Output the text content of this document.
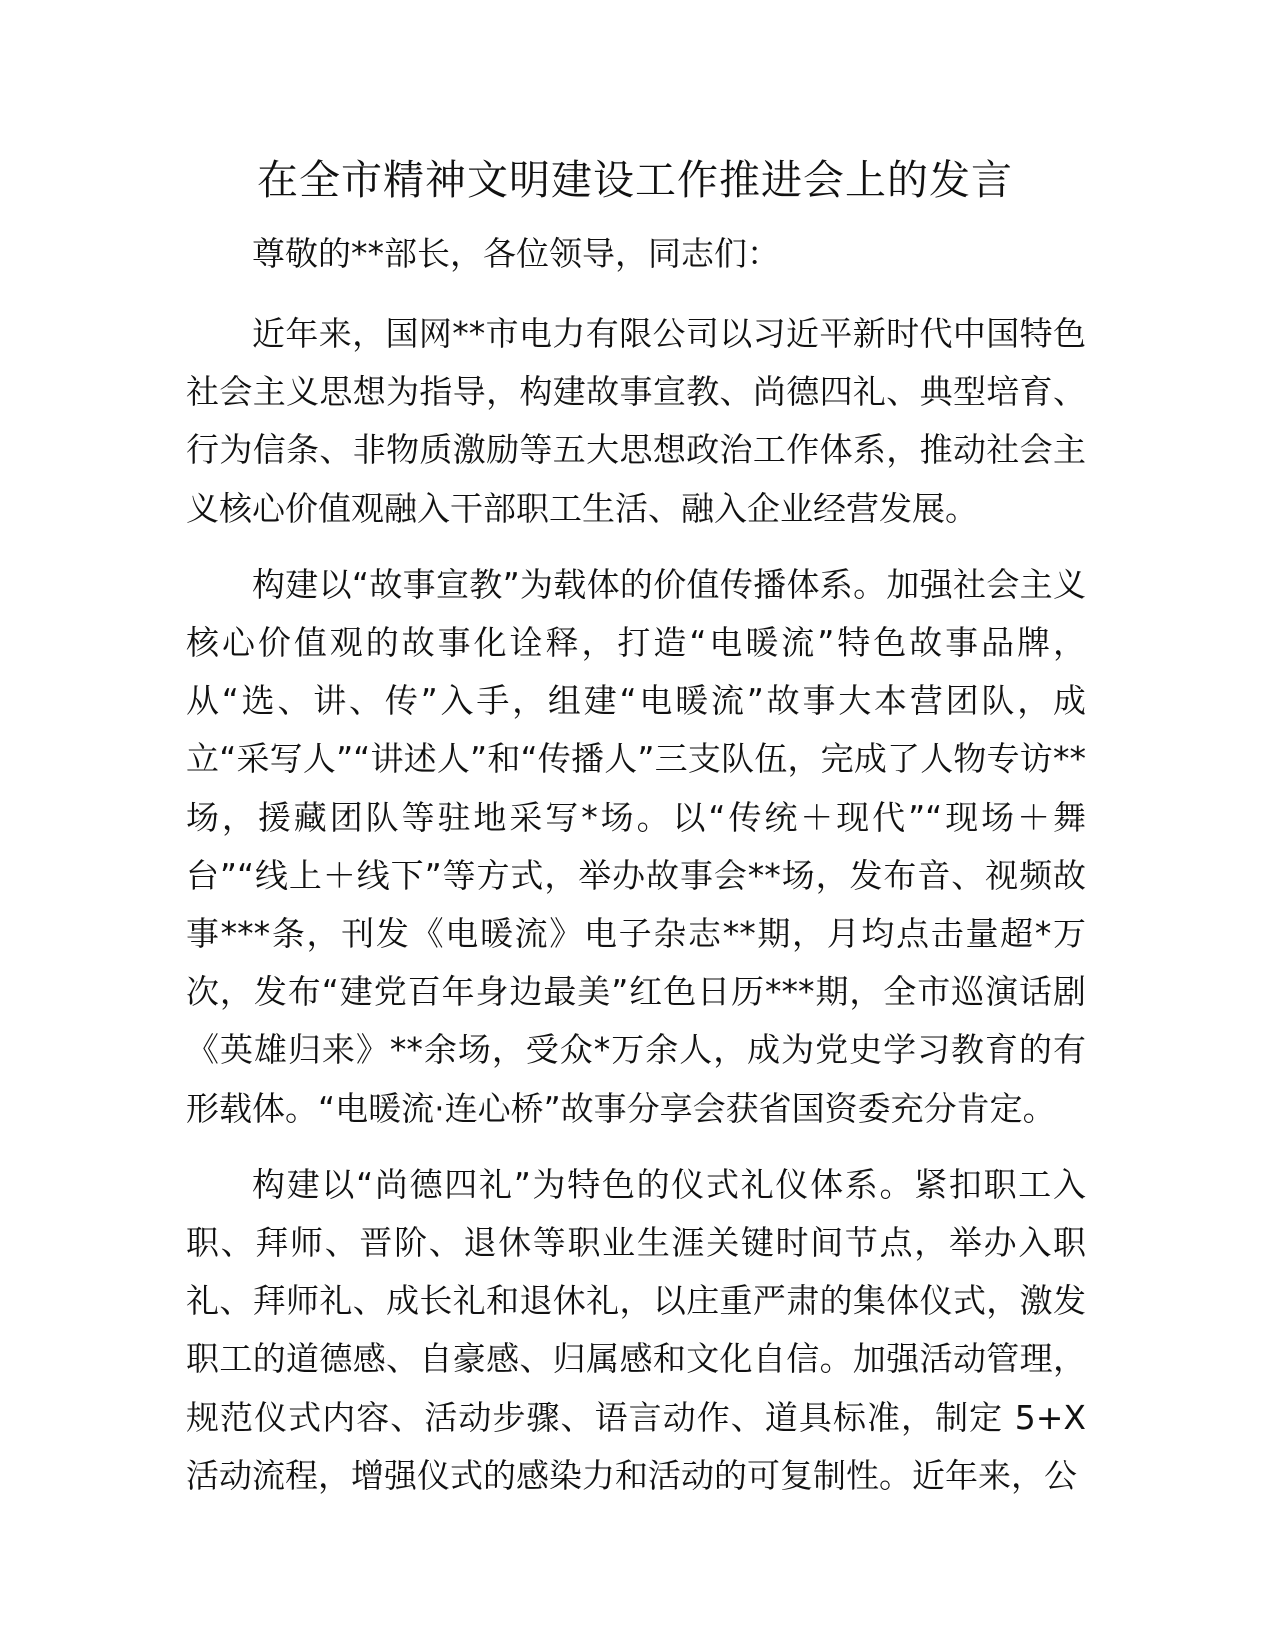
在全市精神文明建设工作推进会上的发言

尊敬的**部长，各位领导，同志们：

近年来，国网**市电力有限公司以习近平新时代中国特色社会主义思想为指导，构建故事宣教、尚德四礼、典型培育、行为信条、非物质激励等五大思想政治工作体系，推动社会主义核心价值观融入干部职工生活、融入企业经营发展。

构建以“故事宣教”为载体的价值传播体系。加强社会主义核心价值观的故事化诠释，打造“电暖流”特色故事品牌，从“选、讲、传”入手，组建“电暖流”故事大本营团队，成立“采写人”“讲述人”和“传播人”三支队伍，完成了人物专访**场，援藏团队等驻地采写*场。以“传统＋现代”“现场＋舞台”“线上＋线下”等方式，举办故事会**场，发布音、视频故事***条，刊发《电暖流》电子杂志**期，月均点击量超*万次，发布“建党百年身边最美”红色日历***期，全市巡演话剧《英雄归来》**余场，受众*万余人，成为党史学习教育的有形载体。“电暖流·连心桥”故事分享会获省国资委充分肯定。

构建以“尚德四礼”为特色的仪式礼仪体系。紧扣职工入职、拜师、晋阶、退休等职业生涯关键时间节点，举办入职礼、拜师礼、成长礼和退休礼，以庄重严肃的集体仪式，激发职工的道德感、自豪感、归属感和文化自信。加强活动管理，规范仪式内容、活动步骤、语言动作、道具标准，制定 5+X 活动流程，增强仪式的感染力和活动的可复制性。近年来，公
